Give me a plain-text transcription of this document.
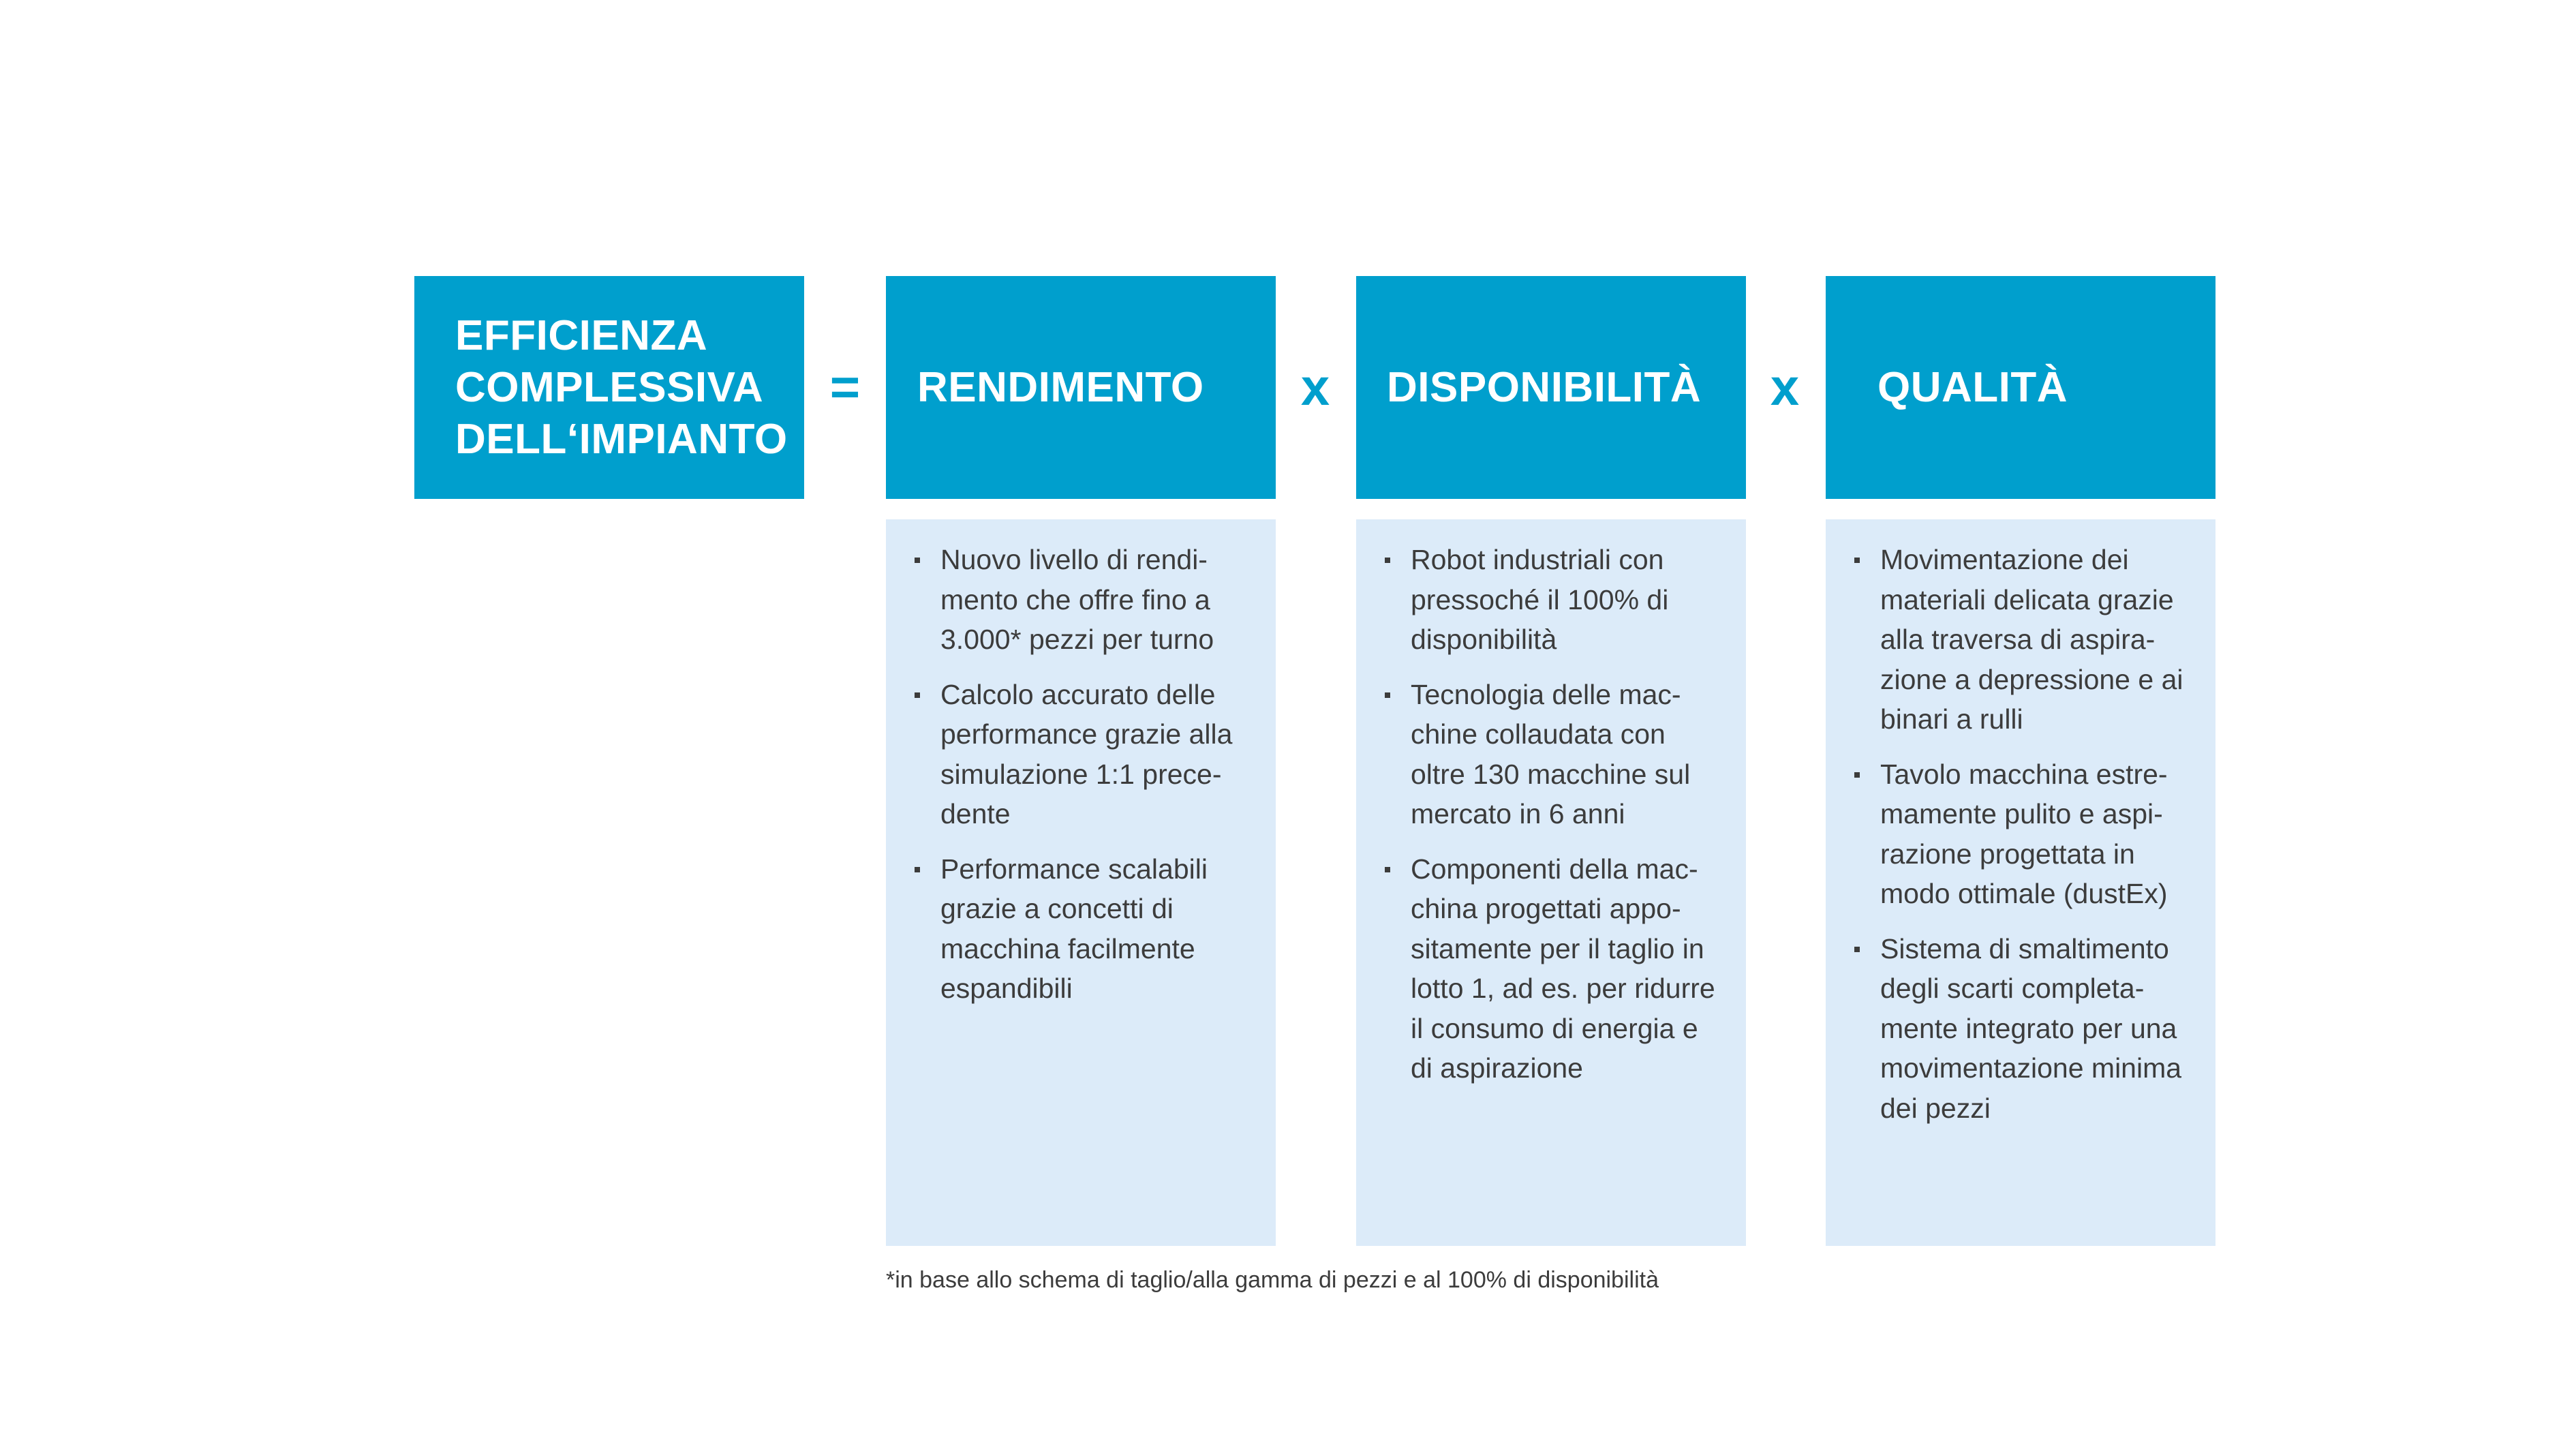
EFFICIENZA
COMPLESSIVA
DELL‘IMPIANTO
=	RENDIMENTO	x	DISPONIBILITÀ	x	QUALITÀ
Nuovo livello di rendi-
mento che offre fino a
3.000* pezzi per turno
Calcolo accurato delle
performance grazie alla
simulazione 1:1 prece-
dente
Performance scalabili
grazie a concetti di
macchina facilmente
espandibili
Robot industriali con
pressoché il 100% di
disponibilità
Tecnologia delle mac-
chine collaudata con
oltre 130 macchine sul
mercato in 6 anni
Componenti della mac-
china progettati appo-
sitamente per il taglio in
lotto 1, ad es. per ridurre
il consumo di energia e
di aspirazione
Movimentazione dei
materiali delicata grazie
alla traversa di aspira-
zione a depressione e ai
binari a rulli
Tavolo macchina estre-
mamente pulito e aspi-
razione progettata in
modo ottimale (dustEx)
Sistema di smaltimento
degli scarti completa-
mente integrato per una
movimentazione minima
dei pezzi
*in base allo schema di taglio/alla gamma di pezzi e al 100% di disponibilità
